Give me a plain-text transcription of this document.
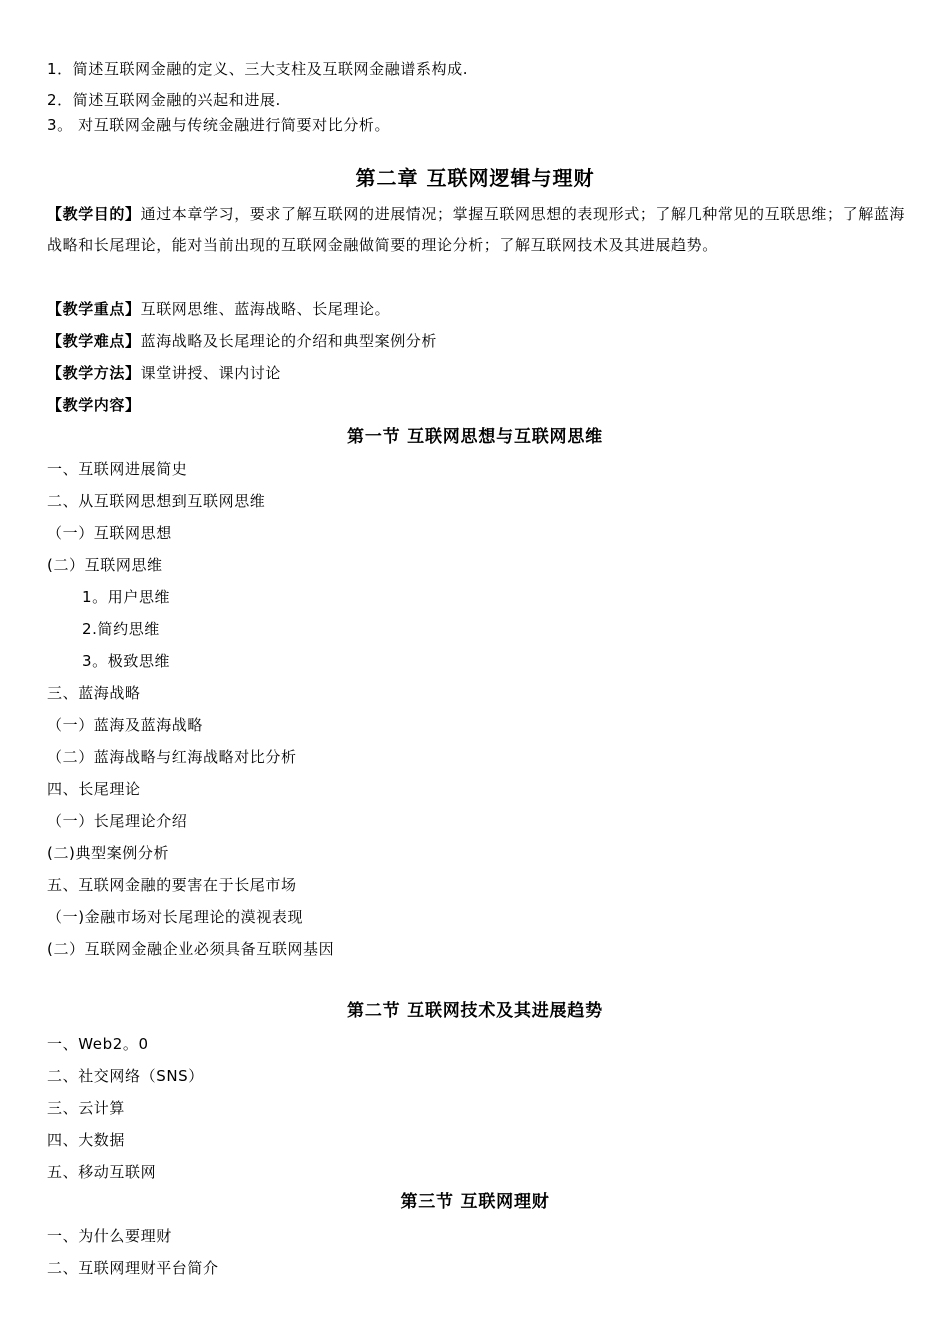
1．简述互联网金融的定义、三大支柱及互联网金融谱系构成.
2．简述互联网金融的兴起和进展.
3。 对互联网金融与传统金融进行简要对比分析。
第二章 互联网逻辑与理财
【教学目的】通过本章学习，要求了解互联网的进展情况；掌握互联网思想的表现形式；了解几种常见的互联思维；了解蓝海战略和长尾理论，能对当前出现的互联网金融做简要的理论分析；了解互联网技术及其进展趋势。
【教学重点】互联网思维、蓝海战略、长尾理论。
【教学难点】蓝海战略及长尾理论的介绍和典型案例分析
【教学方法】课堂讲授、课内讨论
【教学内容】
第一节 互联网思想与互联网思维
一、互联网进展简史
二、从互联网思想到互联网思维
（一）互联网思想
(二）互联网思维
1。用户思维
2.简约思维
3。极致思维
三、蓝海战略
（一）蓝海及蓝海战略
（二）蓝海战略与红海战略对比分析
四、长尾理论
（一）长尾理论介绍
(二)典型案例分析
五、互联网金融的要害在于长尾市场
（一)金融市场对长尾理论的漠视表现
(二）互联网金融企业必须具备互联网基因
第二节 互联网技术及其进展趋势
一、Web2。0
二、社交网络（SNS）
三、云计算
四、大数据
五、移动互联网
第三节 互联网理财
一、为什么要理财
二、互联网理财平台简介
